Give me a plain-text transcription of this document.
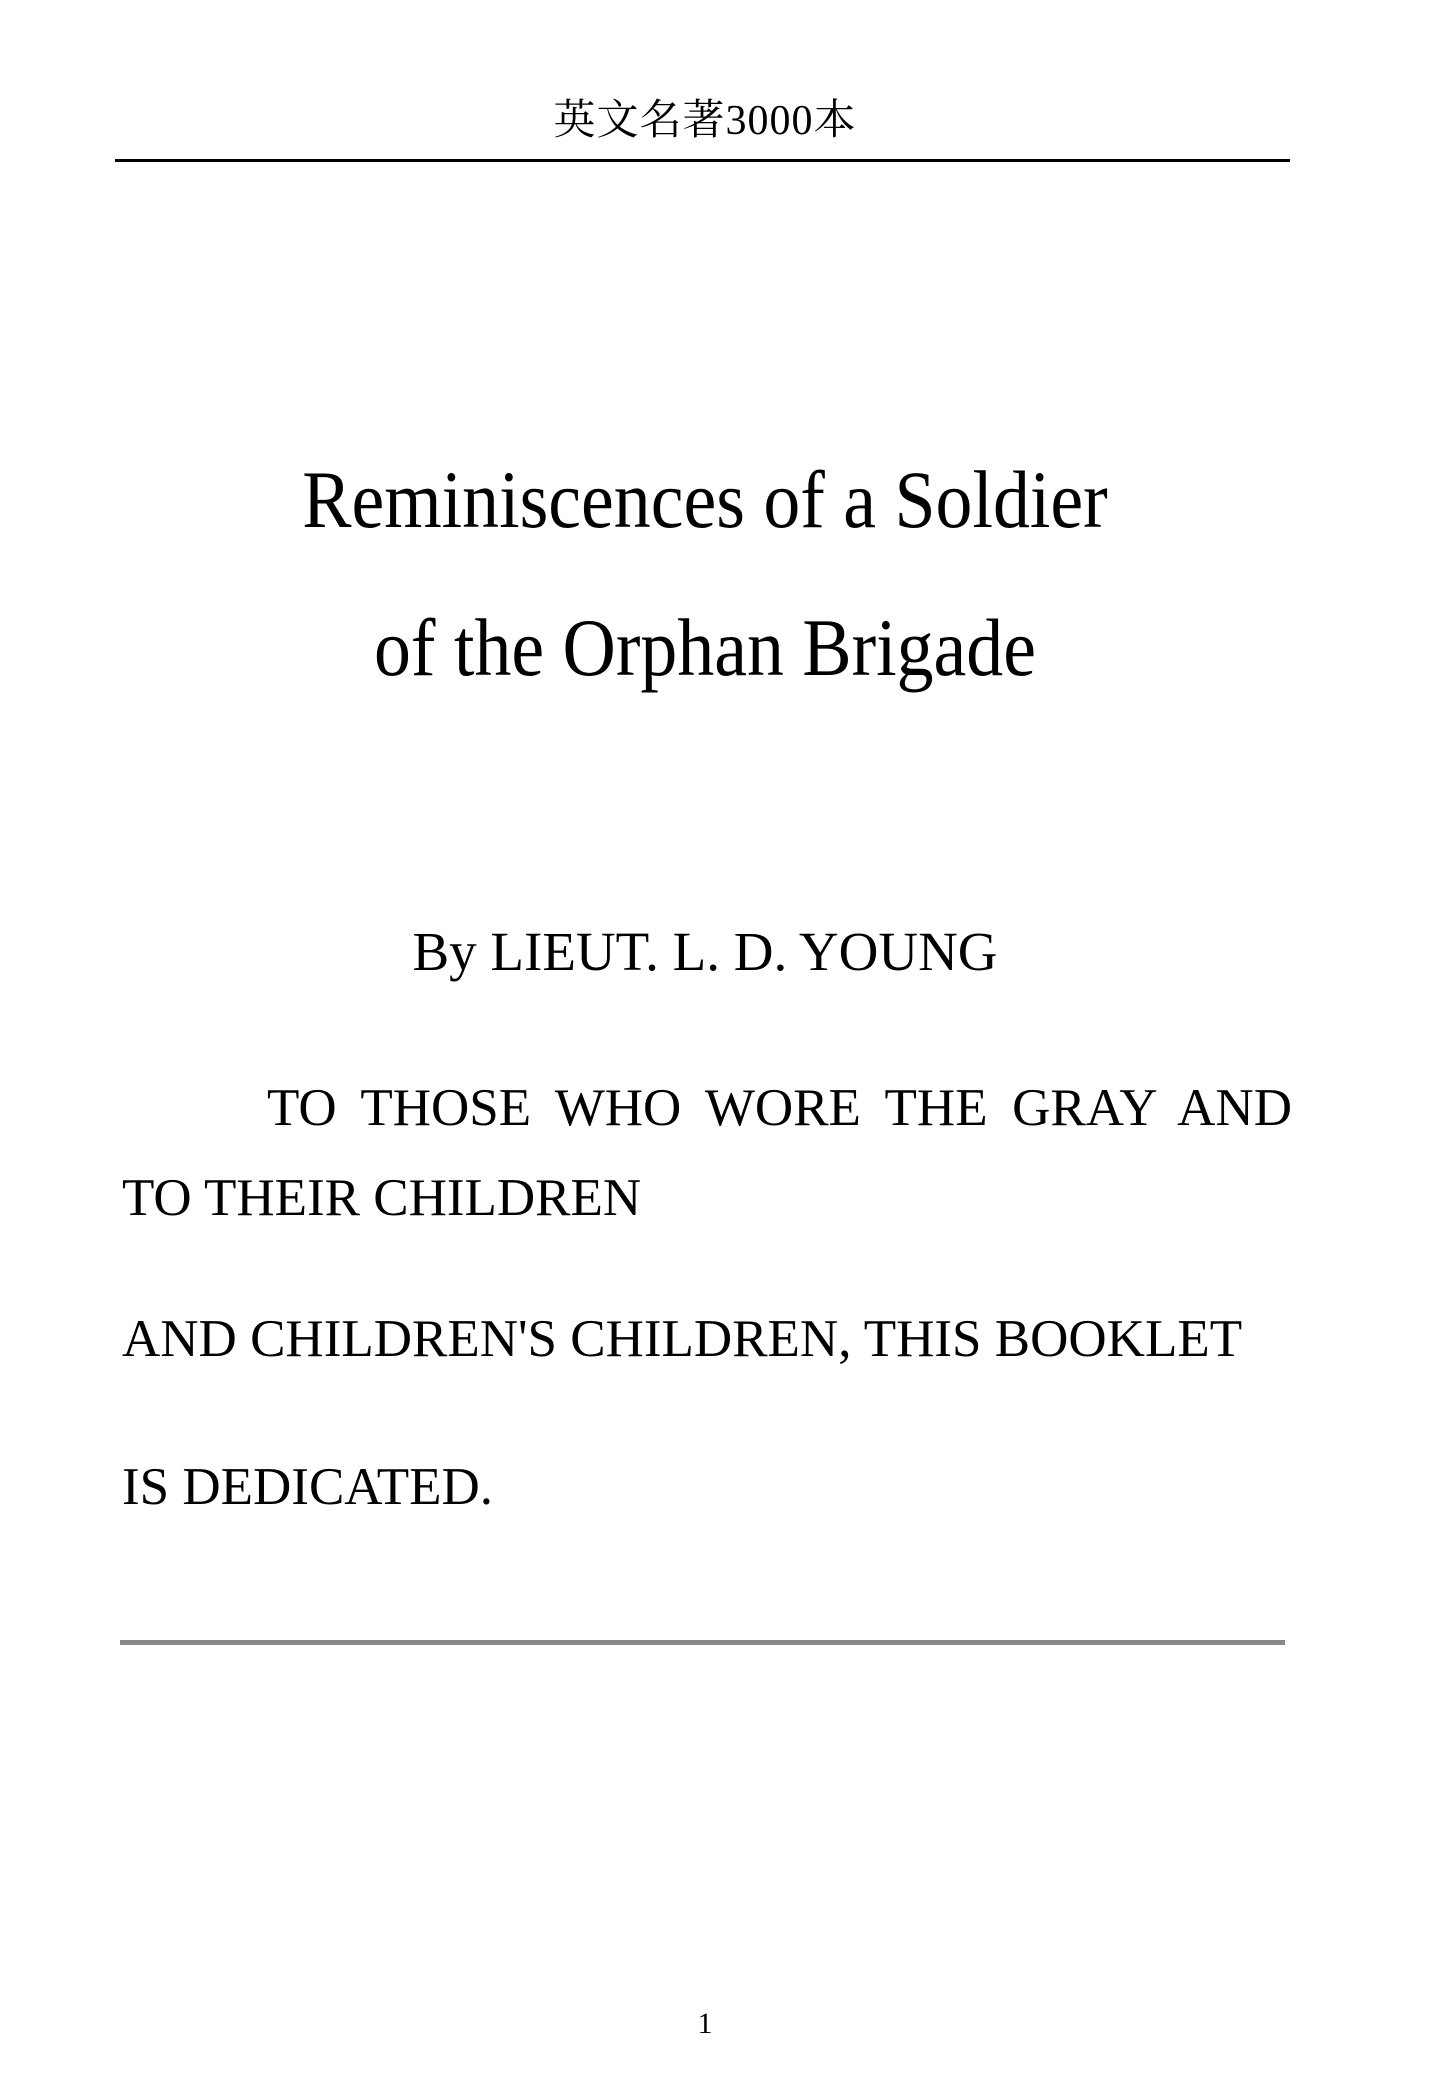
英文名著3000本
Reminiscences of a Soldier
of the Orphan Brigade
By LIEUT. L. D. YOUNG

TO THOSE WHO WORE THE GRAY AND TO THEIR CHILDREN

AND CHILDREN'S CHILDREN, THIS BOOKLET

IS DEDICATED.

1
